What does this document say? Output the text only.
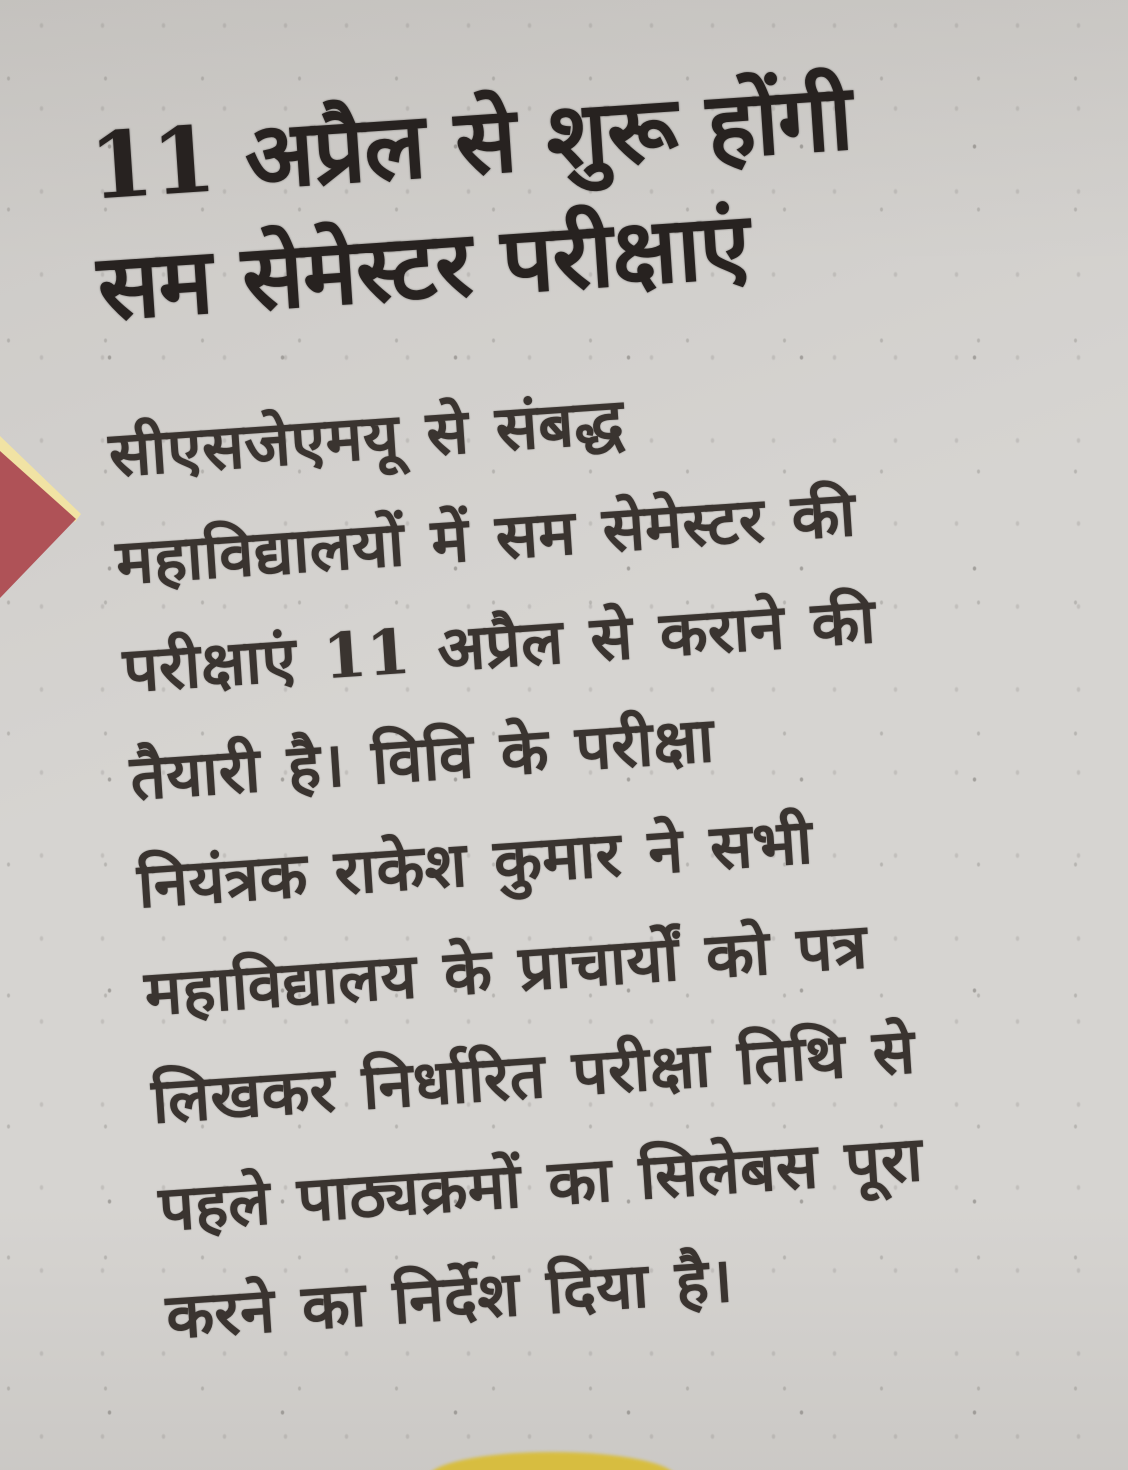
11 अप्रैल से शुरू होंगी
सम सेमेस्टर परीक्षाएं
सीएसजेएमयू से संबद्ध
महाविद्यालयों में सम सेमेस्टर की
परीक्षाएं 11 अप्रैल से कराने की
तैयारी है। विवि के परीक्षा
नियंत्रक राकेश कुमार ने सभी
महाविद्यालय के प्राचार्यों को पत्र
लिखकर निर्धारित परीक्षा तिथि से
पहले पाठ्यक्रमों का सिलेबस पूरा
करने का निर्देश दिया है।
